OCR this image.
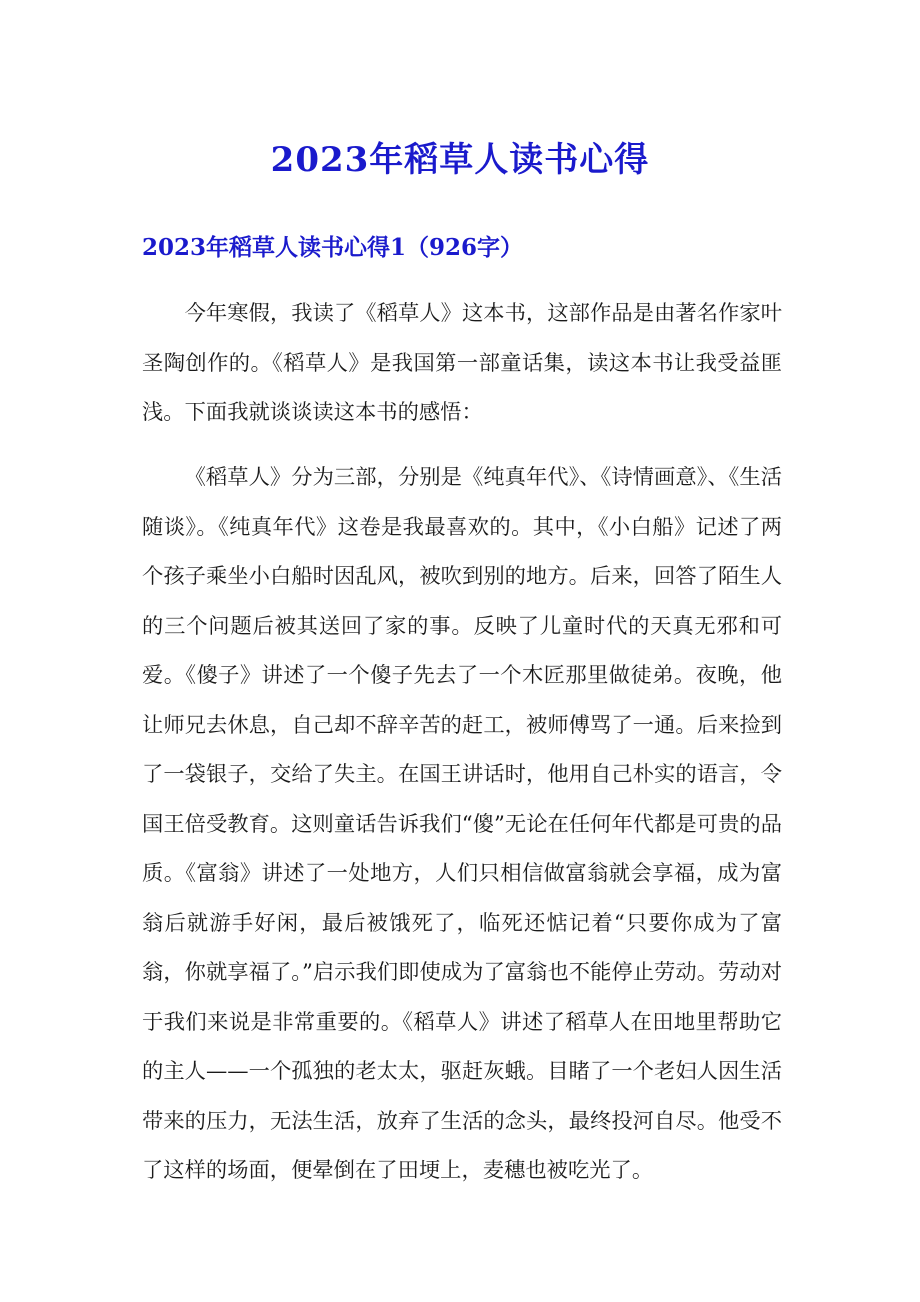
2023年稻草人读书心得
2023年稻草人读书心得1（926字）

今年寒假，我读了《稻草人》这本书，这部作品是由著名作家叶圣陶创作的。《稻草人》是我国第一部童话集，读这本书让我受益匪浅。下面我就谈谈读这本书的感悟：

《稻草人》分为三部，分别是《纯真年代》、《诗情画意》、《生活随谈》。《纯真年代》这卷是我最喜欢的。其中，《小白船》记述了两个孩子乘坐小白船时因乱风，被吹到别的地方。后来，回答了陌生人的三个问题后被其送回了家的事。反映了儿童时代的天真无邪和可爱。《傻子》讲述了一个傻子先去了一个木匠那里做徒弟。夜晚，他让师兄去休息，自己却不辞辛苦的赶工，被师傅骂了一通。后来捡到了一袋银子，交给了失主。在国王讲话时，他用自己朴实的语言，令国王倍受教育。这则童话告诉我们“傻”无论在任何年代都是可贵的品质。《富翁》讲述了一处地方，人们只相信做富翁就会享福，成为富翁后就游手好闲，最后被饿死了，临死还惦记着“只要你成为了富翁，你就享福了。”启示我们即使成为了富翁也不能停止劳动。劳动对于我们来说是非常重要的。《稻草人》讲述了稻草人在田地里帮助它的主人——一个孤独的老太太，驱赶灰蛾。目睹了一个老妇人因生活带来的压力，无法生活，放弃了生活的念头，最终投河自尽。他受不了这样的场面，便晕倒在了田埂上，麦穗也被吃光了。
